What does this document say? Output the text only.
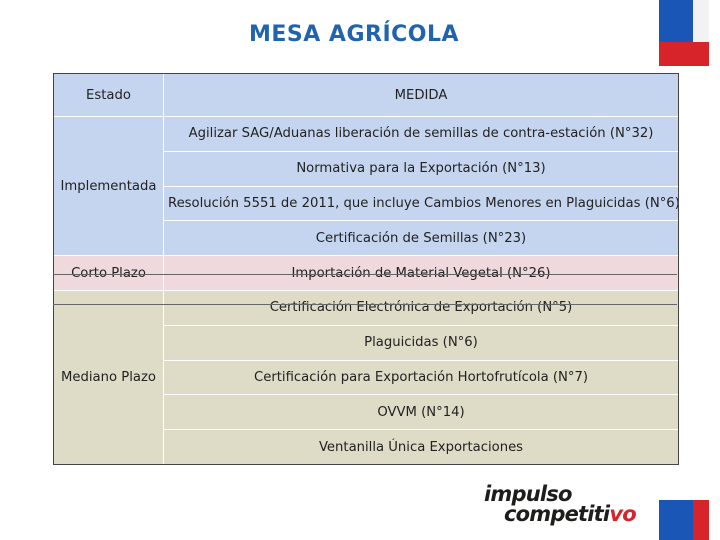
MESA AGRÍCOLA
Estado	MEDIDA
Implementada	Agilizar SAG/Aduanas liberación de semillas de contra-estación (N°32)
	Normativa para la Exportación (N°13)
	Resolución 5551 de 2011, que incluye Cambios Menores en Plaguicidas (N°6)
	Certificación de Semillas (N°23)
Corto Plazo	Importación de Material Vegetal (N°26)
Mediano Plazo	Certificación Electrónica de Exportación (N°5)
	Plaguicidas (N°6)
	Certificación para Exportación Hortofrutícola (N°7)
	OVVM (N°14)
	Ventanilla Única Exportaciones
impulso
competitivo
